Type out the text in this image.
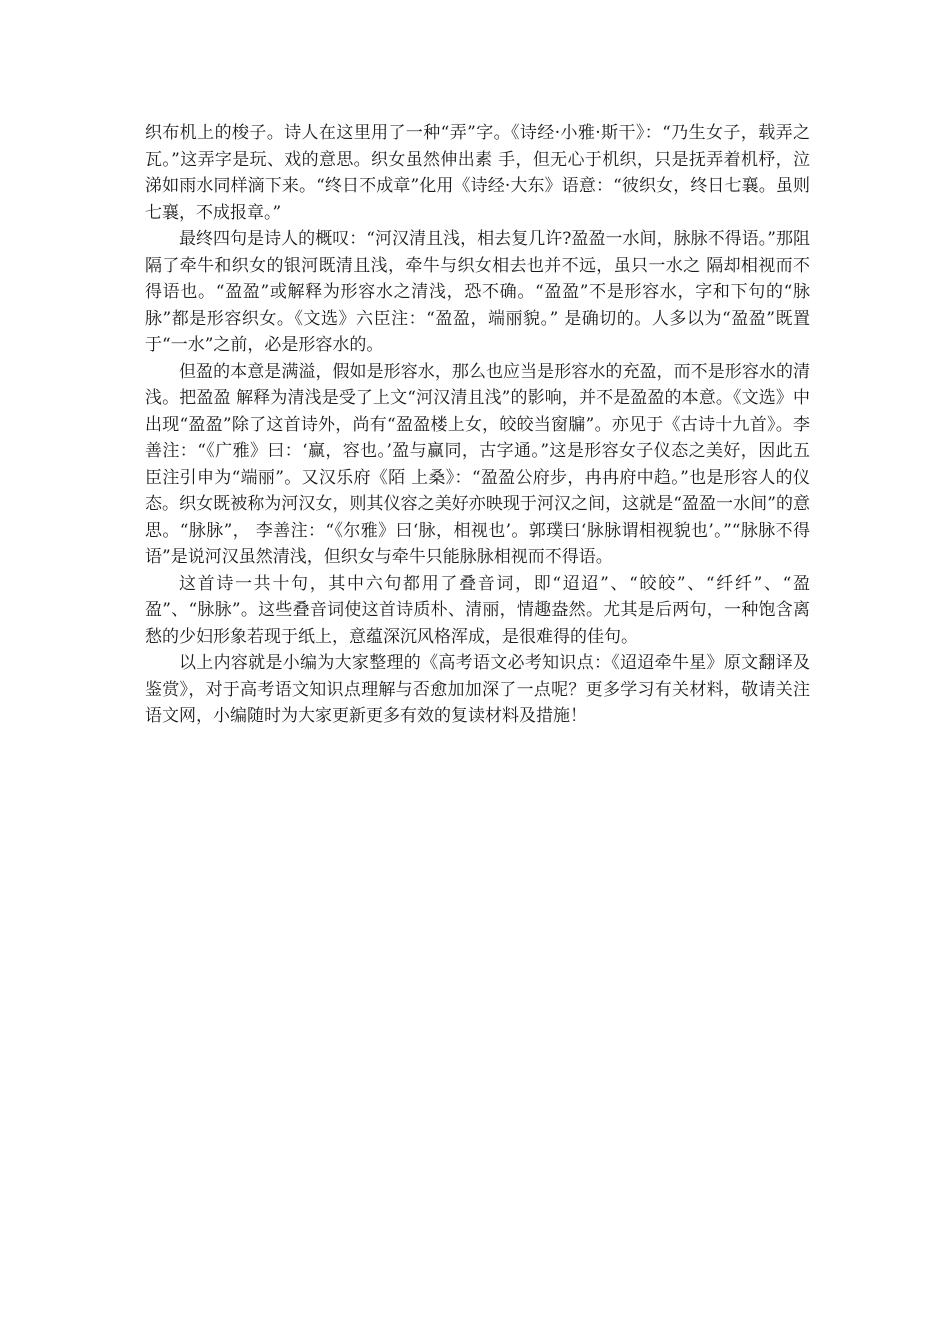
织布机上的梭子。诗人在这里用了一种“弄”字。《诗经·小雅·斯干》：“乃生女子，载弄之瓦。”这弄字是玩、戏的意思。织女虽然伸出素 手，但无心于机织，只是抚弄着机杼，泣涕如雨水同样滴下来。“终日不成章”化用《诗经·大东》语意：“彼织女，终日七襄。虽则七襄，不成报章。”

最终四句是诗人的概叹：“河汉清且浅，相去复几许?盈盈一水间，脉脉不得语。”那阻隔了牵牛和织女的银河既清且浅，牵牛与织女相去也并不远，虽只一水之 隔却相视而不得语也。“盈盈”或解释为形容水之清浅，恐不确。“盈盈”不是形容水，字和下句的“脉脉”都是形容织女。《文选》六臣注：“盈盈，端丽貌。” 是确切的。人多以为“盈盈”既置于“一水”之前，必是形容水的。

但盈的本意是满溢，假如是形容水，那么也应当是形容水的充盈，而不是形容水的清浅。把盈盈 解释为清浅是受了上文“河汉清且浅”的影响，并不是盈盈的本意。《文选》中出现“盈盈”除了这首诗外，尚有“盈盈楼上女，皎皎当窗牖”。亦见于《古诗十九首》。李善注：“《广雅》曰：‘赢，容也。’盈与赢同，古字通。”这是形容女子仪态之美好，因此五臣注引申为“端丽”。又汉乐府《陌 上桑》：“盈盈公府步，冉冉府中趋。”也是形容人的仪态。织女既被称为河汉女，则其仪容之美好亦映现于河汉之间，这就是“盈盈一水间”的意思。“脉脉”， 李善注：“《尔雅》曰‘脉，相视也’。郭璞曰‘脉脉谓相视貌也’。”“脉脉不得语”是说河汉虽然清浅，但织女与牵牛只能脉脉相视而不得语。

这首诗一共十句，其中六句都用了叠音词，即“迢迢”、“皎皎”、“纤纤”、“盈盈”、“脉脉”。这些叠音词使这首诗质朴、清丽，情趣盎然。尤其是后两句，一种饱含离愁的少妇形象若现于纸上，意蕴深沉风格浑成，是很难得的佳句。

以上内容就是小编为大家整理的《高考语文必考知识点：《迢迢牵牛星》原文翻译及鉴赏》，对于高考语文知识点理解与否愈加加深了一点呢？更多学习有关材料，敬请关注语文网，小编随时为大家更新更多有效的复读材料及措施！
